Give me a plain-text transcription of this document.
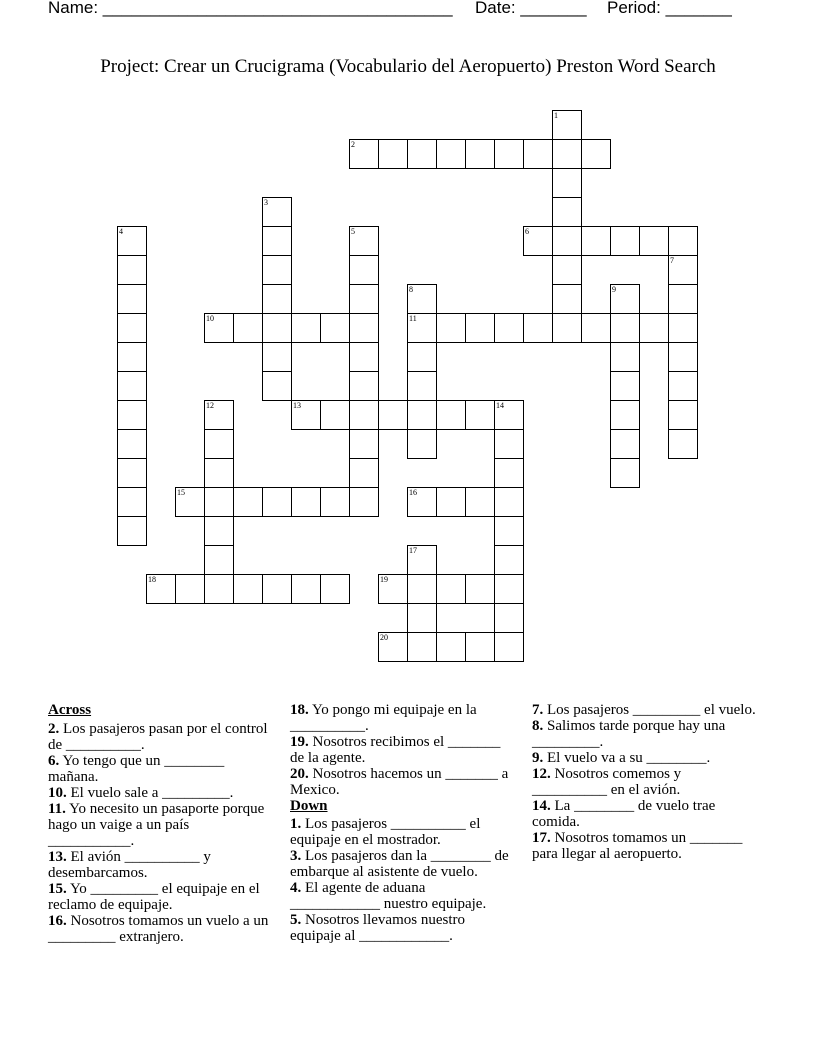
Name: _____________________________________ Date: _______ Period: _______
Project: Crear un Crucigrama (Vocabulario del Aeropuerto) Preston Word Search
1
2
3
4	5	6
7
8	9
10	11
12	13	14
15	16
17
18	19
20
Across
2. Los pasajeros pasan por el control de __________.
6. Yo tengo que un ________ mañana.
10. El vuelo sale a _________.
11. Yo necesito un pasaporte porque hago un vaige a un país ___________.
13. El avión __________ y desembarcamos.
15. Yo _________ el equipaje en el reclamo de equipaje.
16. Nosotros tomamos un vuelo a un _________ extranjero.
18. Yo pongo mi equipaje en la __________.
19. Nosotros recibimos el _______ de la agente.
20. Nosotros hacemos un _______ a Mexico.
Down
1. Los pasajeros __________ el equipaje en el mostrador.
3. Los pasajeros dan la ________ de embarque al asistente de vuelo.
4. El agente de aduana ____________ nuestro equipaje.
5. Nosotros llevamos nuestro equipaje al ____________.
7. Los pasajeros _________ el vuelo.
8. Salimos tarde porque hay una _________.
9. El vuelo va a su ________.
12. Nosotros comemos y __________ en el avión.
14. La ________ de vuelo trae comida.
17. Nosotros tomamos un _______ para llegar al aeropuerto.
